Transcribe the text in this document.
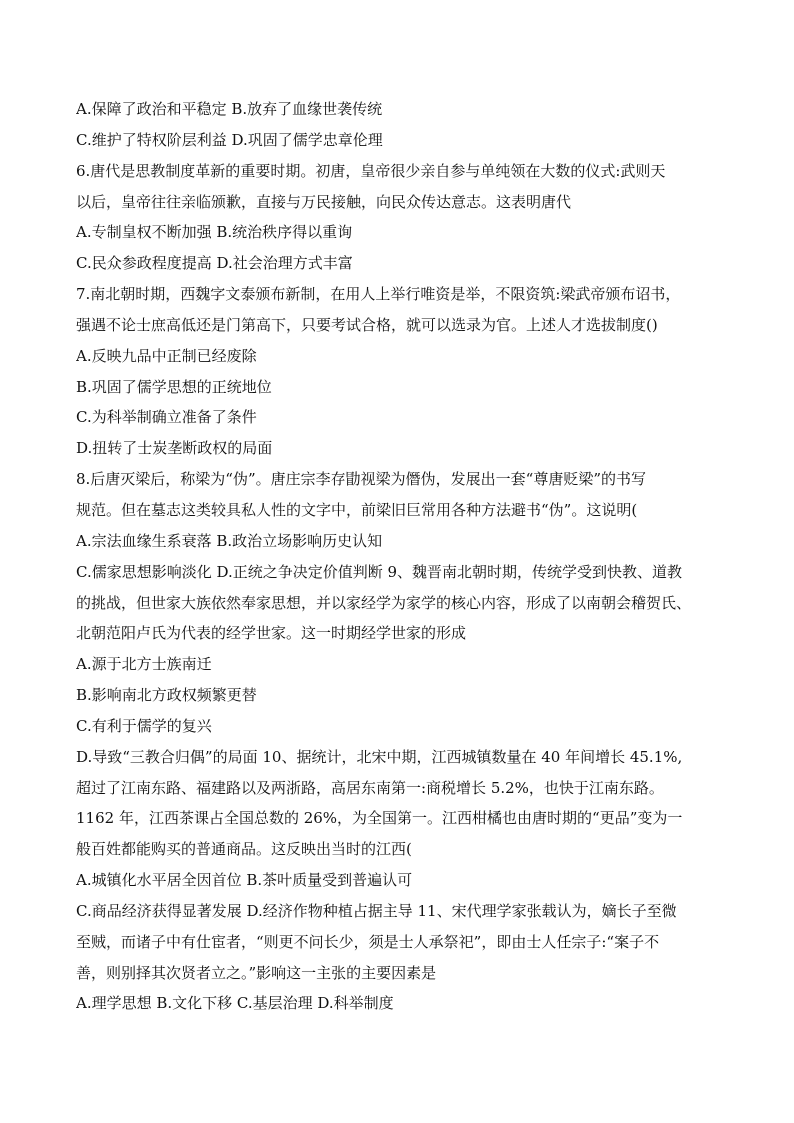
A.保障了政治和平稳定 B.放弃了血缘世袭传统
C.维护了特权阶层利益 D.巩固了儒学忠章伦理
6.唐代是思教制度革新的重要时期。初唐，皇帝很少亲自参与单纯领在大数的仪式:武则天
以后，皇帝往往亲临颁歉，直接与万民接触，向民众传达意志。这表明唐代
A.专制皇权不断加强 B.统治秩序得以重询
C.民众参政程度提高 D.社会治理方式丰富
7.南北朝时期，西魏字文泰颁布新制，在用人上举行唯资是举，不限资筑:梁武帝颁布诏书，
强遇不论士庶高低还是门第高下，只要考试合格，就可以选录为官。上述人才选拔制度()
A.反映九品中正制已经废除
B.巩固了儒学思想的正统地位
C.为科举制确立准备了条件
D.扭转了士炭垄断政权的局面
8.后唐灭梁后，称梁为“伪”。唐庄宗李存勖视梁为僭伪，发展出一套“尊唐贬梁”的书写
规范。但在墓志这类较具私人性的文字中，前梁旧巨常用各种方法避书“伪”。这说明(
A.宗法血缘生系衰落 B.政治立场影响历史认知
C.儒家思想影响淡化 D.正统之争决定价值判断 9、魏晋南北朝时期，传统学受到快教、道教
的挑战，但世家大族依然奉家思想，并以家经学为家学的核心内容，形成了以南朝会稽贺氏、
北朝范阳卢氏为代表的经学世家。这一时期经学世家的形成
A.源于北方士族南迁
B.影响南北方政权频繁更替
C.有利于儒学的复兴
D.导致“三教合归偶”的局面 10、据统计，北宋中期，江西城镇数量在 40 年间增长 45.1%,
超过了江南东路、福建路以及两浙路，高居东南第一:商税增长 5.2%，也快于江南东路。
1162 年，江西茶课占全国总数的 26%，为全国第一。江西柑橘也由唐时期的“更品”变为一
般百姓都能购买的普通商品。这反映出当时的江西(
A.城镇化水平居全因首位 B.茶叶质量受到普遍认可
C.商品经济获得显著发展 D.经济作物种植占据主导 11、宋代理学家张载认为，嫡长子至微
至贼，而诸子中有仕宦者，“则更不问长少，须是士人承祭祀”，即由士人任宗子:“案子不
善，则别择其次贤者立之。”影响这一主张的主要因素是
A.理学思想 B.文化下移 C.基层治理 D.科举制度
